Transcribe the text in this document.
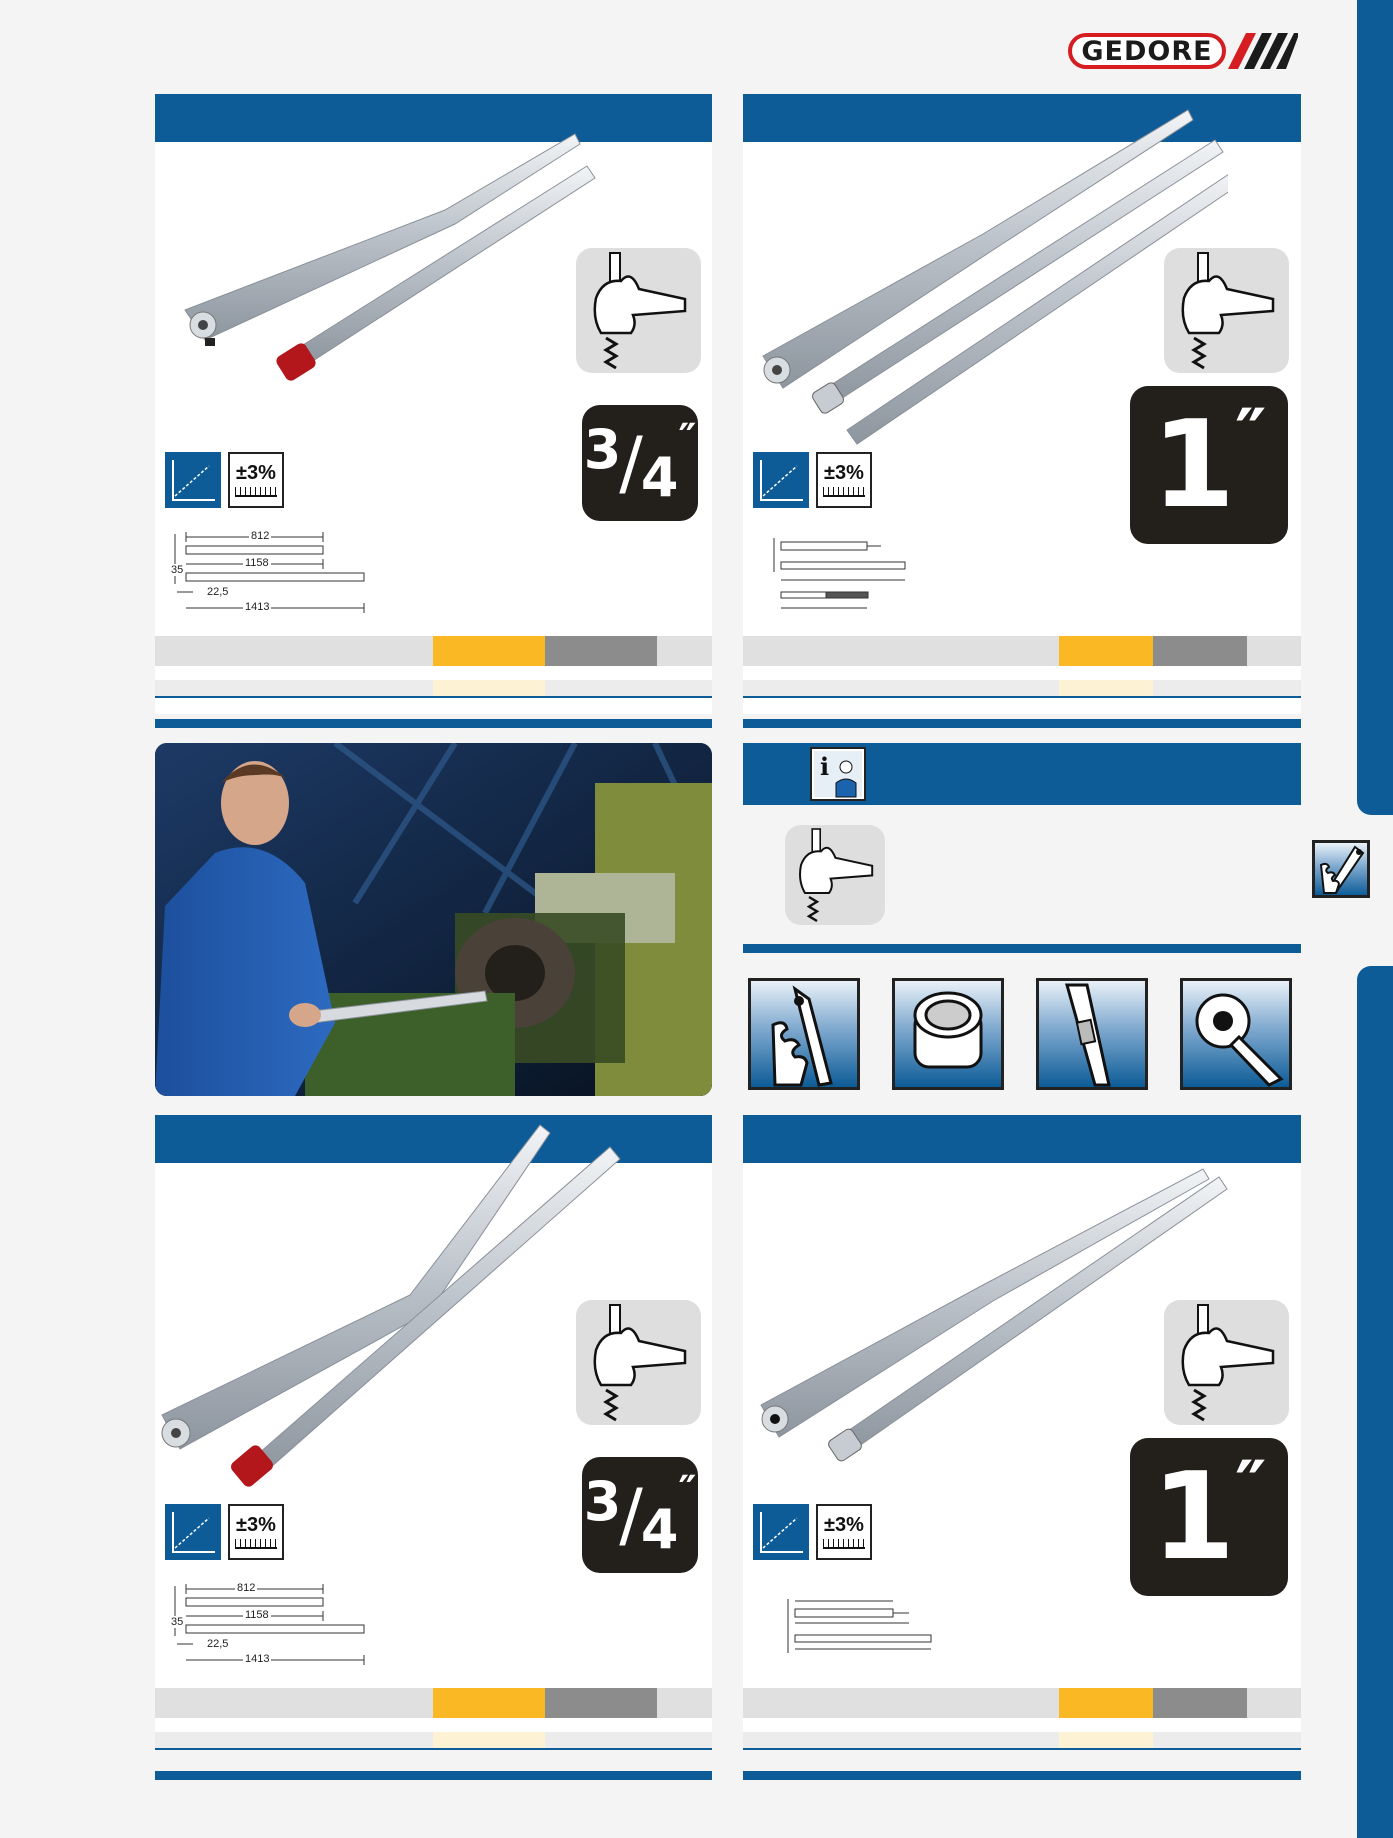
GEDORE
3
/
4
″
±3%
812
1158
35
22,5
1413
1 ″
±3%
i
3
/
4
″
±3%
812
1158
35
22,5
1413
1 ″
±3%
